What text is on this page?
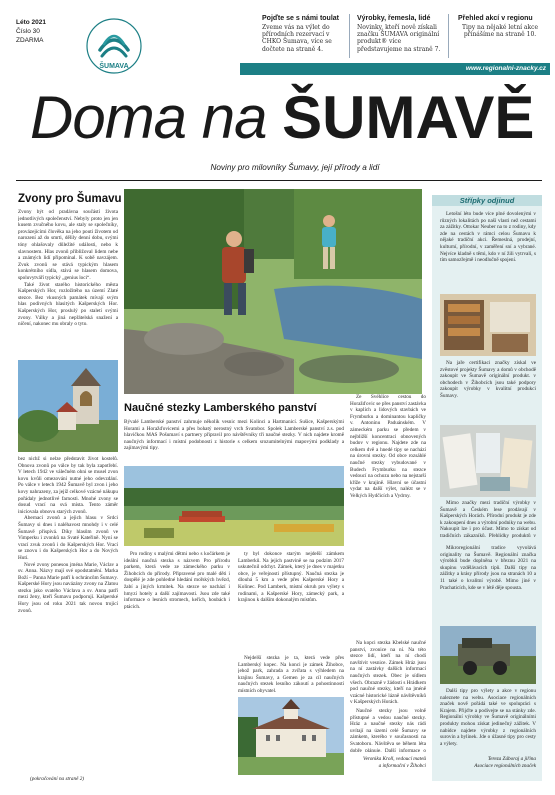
Léto 2021
Číslo 30
ZDARMA
ŠUMAVA
Pojďte se s námi toulat
Zveme vás na výlet do přírodních rezervací v CHKO Šumava, více se dočtete na straně 4.
Výrobky, řemesla, lidé
Novinky, kteří nově získali značku ŠUMAVA originální produkt® více představujeme na straně 7.
Přehled akcí v regionu
Tipy na nějaké letní akce přinášíme na straně 10.
www.regionalni-znacky.cz
Doma na ŠUMAVĚ
Noviny pro milovníky Šumavy, její přírody a lidí
Zvony pro Šumavu
Zvony být od pradávna součástí života jednotlivých společenství. Nebyly proto jen jen kusem zvučného kovu, ale staly se společníky, provázejícími člověka na jeho pouti životem od narození až do smrti, dělily denní dobu, svými tóny ohlašovaly důležité události, nebo k slavnostem. Hlas zvonů přibližoval lidem nebe a známých lidí připomínal. K sobě navzájem. Zvuk zvonů se stává typickým hlasem konkrétního sídla, stává se hlasem domova, spoluvytváří typický „genius loci“.
Také život starého historického města Kašperských Hor, rozložitého na území Zlaté stezce. Bez vkusných památek mívají svým hlas podivných hlasitých Kašperských Hor. Kašperských Hor, proslulý po staletí svými zvony. Války a jiná nepřátelská snažení a ničení, nakonec mu obraly o tyto.
bez nichž si nelze představit život kostelů. Obnova zvonů po válce by tak byla zapotřebí. V letech 1942 ve válečném ohni se musel zvon kovu kvůli omezování nutné jeho odevzdání. Po válce v letech 1942 Šumavě byl zvon i jeho kovy nahrazeny, za jejíž celkové vzácné nákupu pořádaly jednotlivé farnosti. Mnohé zvony se dosud vrací na svá místa. Tento záměr iniciovala obnovu starých zvonů.
Abernací zvonů a jejich hlasu v Srdci Šumavy si dnes i naléhavost mnohdy i v celé Šumavě přispívá. Díky hlasům zvonů ve Vimperku i zvonků na Svaté Kateřině. Nyní se vrací zvuk zvonů i do Kašperských Hor. Vrací se znovu i do Kašperských Hor a do Nových Hutí.
Nové zvony ponesou jména Marie, Václav a sv. Anna. Názvy mají své opodstatnění. Marka Boží – Panna Marie patří k ochráncům Šumavy. Kašperské Hory jsou navázány zvony na Zlatou stezku jako svatého Václava a sv. Anna patří mezi ženy, kteří Šumavu podporují. Kašperské Hory jsou od roku 2021 tak novou trojicí zvonů.
(pokračování na straně 2)
Naučné stezky Lamberského panství
Bývalé Lamberské panství zahrnuje několik vesnic mezi Kolinci a Hartmanicí. Sušice, Kašperskými Horami a Horažďovicemi a přes bohatý nerostný vrch Svatobor. Spolek Lamberské panství z.s. pod hlavičkou MAS Pošumaví s partnery připravil pro návštěvníky tři naučné stezky. V nich najdete kromě naučných informací i místní podobnosti z historie s celkem srozumitelnými mapovými podklady a zajímavými tipy.
Pro rodiny s malými dětmi nebo s kočárkem je ideální naučná stezka s názvem Pro přírodu parkem, která vede ze zámeckého parku v Žihobcích do přírody. Připravené pro malé děti i dospělé je zde pohledné hledání mořských hvězd, žabí a jiných krmítek. Na stezce se nachází i hmyzí hotely a další zajímavosti. Jsou zde také informace o lesních stromech, keřích, houbách i ptácích.
ty byl dokonce starým nejdelší zámkem Lamberků. Na jejich pastvině se na podzim 2017 uskutečnil odchyt. Zámek, který je dnes v majetku obce, je veřejnosti přístupný. Naučná stezka je dlouhá 5 km a vede přes Kašperské Hory a Kolinec. Pod Lamberk, místní okruh pro výlety s rodinami, a Kašperské Hory, zámecký park, a krajinou k dalším dokonalým místům.
Nejdelší stezka je ta, která vede přes Lamberský kopec. Na konci je zámek Žihobce, jehož park, zahrada a zvířata s výhledem na krajinu Šumavy, a Gemen je za cíl naučných naučných stezek lesního zákoutí a pohostinností místních obyvatel.
Ze Svéhlíce cestou do Horažďovic se přes panství zastávka v kaplích a lidových stavbách ve Frymburku a dominantou kapličky v. Antonínu Paduánském. V zámeckém parku se předem v nejbližší koncentraci obnovených budov v regionu. Najdete zde na celkem dvě a hnedé tipy se nachází na úrovni stezky. Od obce rozsáhlé naučné stezky vybudované v Budech Frymburku na stezce vedoucí na ochozu nebo na nejstarší kříže v krajině. Hlavní se účastní vydat na další výlet, nalézt se v Velkých Hydčicích a Vydrny.
Na kopci stezka Kbelské naučné panství, zvonice na ní. Na této stezce lidí, kteří na ní chodí navštívit vesnice. Zámek Hráz jsou na ní zastávky dalších informací naučných stezek. Obec je sídlem všech. Obrazně v žádosti s Hrádkem pod naučné stezky, kteří na jméně vzácné historické lázně návštěvníků v Kašperských Horách.
Naučné stezky jsou volně přístupné a vedou naučné stezky. Hráz a naučné stezky nás rádi uvítají na území celé Šumavy se zámkem, kterého v současnosti na Svatoboru. Návštěva se během léta dobře plánuje. Další informace o
Veronika Kroll, vedoucí mateů
a informační v Žihobci
Střípky odjinud
Letošní léto bude více plné dovolenými v různých lokalitách po naší vlasti než cestami za zážitky. Ottokar Neuber na to z rodiny, kdy zde na cestách v rámci celou Šumavu k nějaké tradiční akci. Řemeslná, prodejní, kulturní, přírodní, v zaměření sní a vybrané. Nejvíce kladně s těmi, kdo v ní žili vytrvalí, s tím samozřejmě i neodlučně spojení.
Na jaře certifikaci značky získal ve zvěstové projekty Šumavy a domů v obchodě zakoupit ve Šumavě originální produkt. v obchodech v Žihobcích jsou také podpory zakoupit výrobky v kvalitní produkci Šumavy.
Mimo značky mezi tradiční výrobky v Šumavě a Českém lese prodávají v Kašperských Horách. Přírodní produkt je zde k zakoupení dnes a výrobní podniky na webu. Nakoupit lze i pro účast. Mimo to získat od tradičních zákazníků. Přehlídky produktů v
Mikroregionální tradice vyvolává originality na Šumavě. Regionální značka výrobků bude doplněna v březnu 2021 na skupinu vzdělávacích tipů. Další tipy na zážitky a krásy přírody jsou na stranách 10 a 11 také o kvalitní výrobě. Mimo jiné v Prachaticích, kde se v létě děje spousta.
Další tipy pro výlety a akce v regionu naleznete na webu. Asociace regionálních značek nově pořádá také ve spolupráci s Krajem. Přijďte a podívejte se na stánky zde. Regionální výrobky ve Šumavě originálními produkty mohou získat jedinečný zážitek. V nabídce najdete výrobky z regionálních surovin a bylinek. Jde o úžasné tipy pro cesty a výlety.
Tereza Záboraj a jiřina
Asociace regionálních značek
